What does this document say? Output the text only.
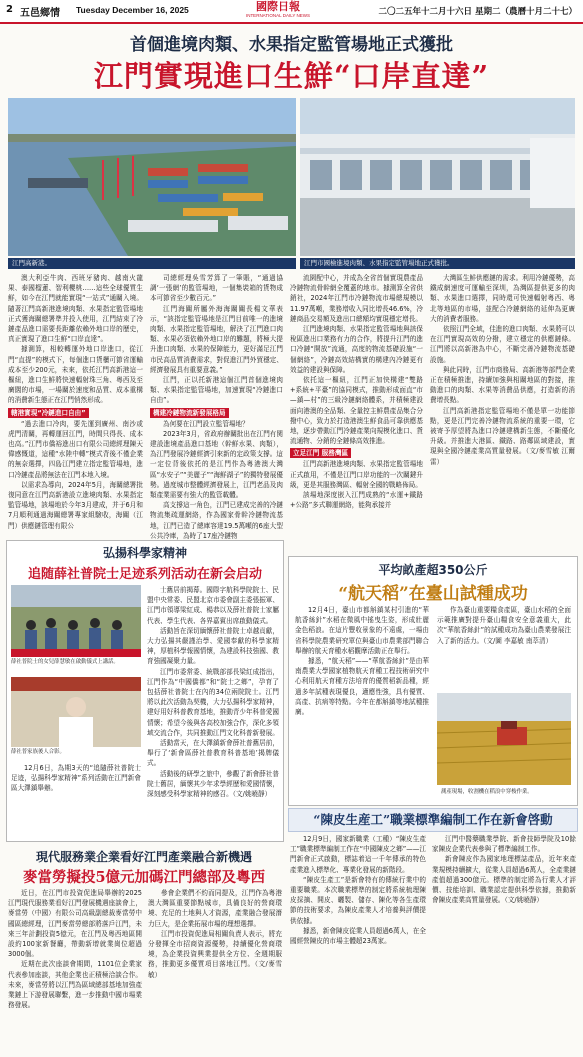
2 五邑鄉情 Tuesday December 16, 2025	國際日報
INTERNATIONAL DAILY NEWS	二〇二五年十二月十六日 星期二（農曆十月二十七）
首個進境肉類、水果指定監管場地正式獲批
江門實現進口生鮮“口岸直達”
江門高新港。	江門市國檢進境肉類、水果指定監管場地正式獲批。

澳大利亞牛肉、西班牙豬肉、越南火龍果、泰國榴蓮、智利櫻桃……這些全球優質生鮮，如今在江門就能實現“一站式”通關入境。隨著江門高新港進境肉類、水果指定監管場地正式獲海關總署準并投入使用，江門結束了冷鏈產品進口需要長距離依賴外地口岸的歷史，真正實現了進口生鮮“口岸直達”。

據測算，相較轉運外地口岸進口，從江門“直提”的模式下，每個進口貨櫃可節省運輸成本至少200元，未來，依托江門高新港這一樞紐，進口生鮮將快速輻射珠三角、粵西及至廣闊的市場，一場關於速度和品質、成本重構的消費新生態正在江門悄然形成。

轄港實現“冷鏈進口自由”

“過去進口冷肉，要先運到廣州、南沙或虎門清關，再轉運回江門，時間只得長、成本也高。”江門市僑裕進出口有限公司總經理陳天偉感慨道，這種“水陸中轉”模式背後不僅企業的無奈選擇，四島江門建立指定監管場地，進口冷鏈產品將無法在江門本地入境。

以需求為導向，2024年5月，海關總署批復同意在江門高新港設立進境肉類、水果指定監管場地，該場地於今年3月建成，并于6月和7月順利通過海關總署專家組驗收，海關（江門）供應鏈管理有限公

司總經理吳雪芳算了一筆賬，“通過協調‘一張網’的監管場地，一個集裝箱的貨物成本可節省至少數百元。”

江門海關所屬外海海關關長楊文華表示，“該指定監管場地是江門目前唯一的進境肉類、水果指定監管場地，解決了江門進口肉類、水果必須依賴外地口岸的難題，將極大提升進口肉類、水果的保障能力，更好滿足江門市民高品質消費需求，對促進江門外貿穩定、經濟發展具有重要意義。”

江門，正以托新港這個江門首個進境肉類、水果指定監管場地，加速實現“冷鏈進口自由”。

構建冷鏈物流新發展格局

為何要在江門設立監管場地？

2023年3月，省政府辦關批出在江門有関建設進境產品進口基地（幹鮮水果、肉類），為江門發展冷鏈經濟引來新的定政策支撐。這一定位背後依托的是江門作為粵港澳大灣區“水安子”“美麗子”“海鮮湖子”的獨特發展優勢。過度城市整體經濟發展上，江門老品及肉類產業需要有強大的監管載體。

高支撐這一角色，江門已建成完善的冷鏈物流集疏運網絡，作為國家骨幹冷鏈物流基地，江門已造了總庫容達19.5萬噸的6座大型公共冷庫，為時了17座冷鏈物

流園配中心，并成為全省首個實現農產品冷鏈物流骨幹網全覆蓋的地市。據測算全省供銷社，2024年江門市冷鏈物流市場總規模以11.97萬噸，業務增收入同比增長46.6%，冷鏈商品交易額及進出口總額均實現穩定增長。

江門進境肉類、水果指定監管場地與該保稅區進出口業務有力的合作，將提升江門的進口冷鏈“開放”流通，高度的物流基礎設施“一個網絡”，冷鏈高效結構實的構建內冷鏈更有效益的建設與保障。

依托這一樞紐，江門正加快構建“雙路+系統+平臺”的協同模式，推動形成面直“市—鎮—村”的三級冷鏈網絡體系，并積極建設面向港澳的全品類、全量控主鮮農產品集合分撥中心，致力於打造港澳生鮮食品可靠供應基地，逐步帶動江門冷鏈產業向規模化進口、貨流通物、分銷的全鏈條高效推進。

立足江門 服務灣區

江門高新港進境肉類、水果指定監管場地正式啟用，不僅是江門口岸功能的一次關鍵升級，更是其服務灣區、輻射全國的戰略佈局。

該場地深度嵌入江門成熟的“水運+鐵路+公路”多式聯運網絡，能夠承接并

大灣區生鮮供應鏈的需求。利用冷鏈優勢，高鐵成網速度可運輸至深圳，為灣區提供更多的肉類、水果進口選擇，同時還可快速輻射粵西、粵北等地區的市場，並配合冷鏈網絡的延伸為更廣大的消費者服務。

依照江門全域，佳進的進口肉類、水果將可以在江門實現高效的分撥，建立穩定的供應鏈條。江門將以高新港為中心，不斷完善冷鏈物流基礎設施。

與此同時，江門市商務局、高新港等部門企業正在積極推進，持續加強與相關地區的對接，推動進口的肉類、水果等消費品供應，打造新的消費增長點。

江門高新港指定監管場地不僅是單一功能節點，更是江門完善冷鏈物流系統的重要一環，它被寄予厚望將為進口冷鏈建構新生態，不斷優化升級。并推進大港區、鐵路、路鄰區域建設，實現與全國冷鏈產業高質量發展。（文/麥雪敏 江爾雷）

弘揚科學家精神
追随薛社普院士足迹系列活动在新会启动
薛社普院士的女兒薛慧敏在啟動儀式上講話。
薛社普家族後人合影。

12月6日，為期3天的“追隨薛社普院士足迹，弘揚科學家精神”系列活動在江門新會區大澤鎮舉辦。

士舊居前揭幕。國際字航科學院院士、民盟中央常委、民盟北京市委會副主委張振軍、江門市領導梁紅成、楊恭以及薛社普院士家屬代表、學生代表、各界嘉賓出席啟動儀式。

活動旨在深切緬懷薛社普院士卓越貢獻，大力弘揚其嚴謹治學、愛國奉獻的科學家精神，厚植科學報國情懷，為建設科技強國、教育強國凝聚力量。

江門市委常委、統戰部部長梁紅成指出，江門作為“中國僑都”和“院士之鄉”，孕育了包括薛社普院士在內的34位兩院院士。江門將以此次活動為契機，大力弘揚科學家精神，建好用好科普教育基地，推動青少年科普愛國情懷；希望今後與各高校加強合作，深化多領域交流合作，共同推動江門文化科普新發展。

活動當天，在大澤鎮新會薛社普舊居前，舉行了‘新會區薛社普教育科普基地’揭牌儀式。

活動後的研學之旅中，參觀了新會薛社普院士舊居，緬懷其少年求學經歷和愛國情懷，深刻感受科學家精神的感召。（文/姚曉靜）

平均畝產超350公斤
“航天稻”在臺山試種成功

12月4日，臺山市都斛鎮某村引進的“華航香絲針”水稻在微風中搖曳生姿，形成壯麗金色稻浪。在這片豐收景象的不遠處，一場由省科學院農業研究單位與臺山市農業部門聯合舉辦的航天育種水稻觀摩活動正在舉行。

據悉，“航天稻”——“華航香絲針”是由華南農業大學國家植物航天育種工程技術研究中心利用航天育種方法培育的優質稻新品種，經過多年試種表現優良，適應性強，具有優質、高產、抗病等特點。今年在都斛鎮等地試種推廣。

作為臺山重要糧食產區，臺山水稻的全面示範推廣對提升臺山糧食安全意義重大，此次“華航香絲針”的試種成功為臺山農業發展注入了新的活力。（文/圖 李嘉敏 南萃清）

測產現場，收割機在稻浪中穿梭作業。
“陳皮生産工”職業標準編制工作在新會啓動

12月9日，國家新職業（工種）“陳皮生產工”職業標準編制工作在“中國陳皮之鄉”——江門新會正式啟動，標誌着這一千年傳承的特色產業進入標準化、專業化發展的新階段。

“陳皮生產工”是新會特有的傳統行業中的重要職業。本次職業標準的制定將系統梳理陳皮採摘、開皮、曬製、儲存、陳化等各生產環節的技術要求，為陳皮產業人才培養與評價提供依據。

據悉，新會陳皮從業人員超過6萬人，在全國經營陳皮的市場主體超23萬家。

江門中醫藥職業學院、新會技師學院及10餘家陳皮企業代表參與了標準編制工作。

新會陳皮作為國家地理標誌產品，近年來產業規模持續擴大，從業人員超過6萬人，全產業鏈產值超過300億元。標準的制定將為行業人才評價、技能培訓、職業認定提供科學依據，推動新會陳皮產業高質量發展。（文/姚曉靜）

現代服務業企業看好江門產業融合新機遇
麥當勞擬投5億元加碼江門總部及粵西

近日，在江門市投資促進局舉辦的2025江門現代服務業看好江門發展機遇座談會上，麥當勞（中國）有限公司高級副總裁麥當勞中國區總經理，江門麥當勞總部將落戶江門，未來三年計劃投資5億元，在江門及粵西地區開設約100家新餐廳，帶動新增就業崗位超過3000個。

近期在此次座談會期間，1101位企業家代表參加座談，其他企業也正積極洽談合作。未來，麥當勞將以江門為區域總部基地加強產業鏈上下游發展聯繫，進一步推動中國市場業務發展。

參會企業們不約而同提及，江門作為粵港澳大灣區重要節點城市，具備良好的營商環境、充足的土地與人才資源，產業融合發展潛力巨大，是企業拓展市場的理想選擇。

江門市投資促進局相關負責人表示，將充分發揮全市招商資源優勢，持續優化營商環境，為企業投資興業提供全方位、全週期服務，推動更多優質項目落地江門。（文/麥雪敏）
